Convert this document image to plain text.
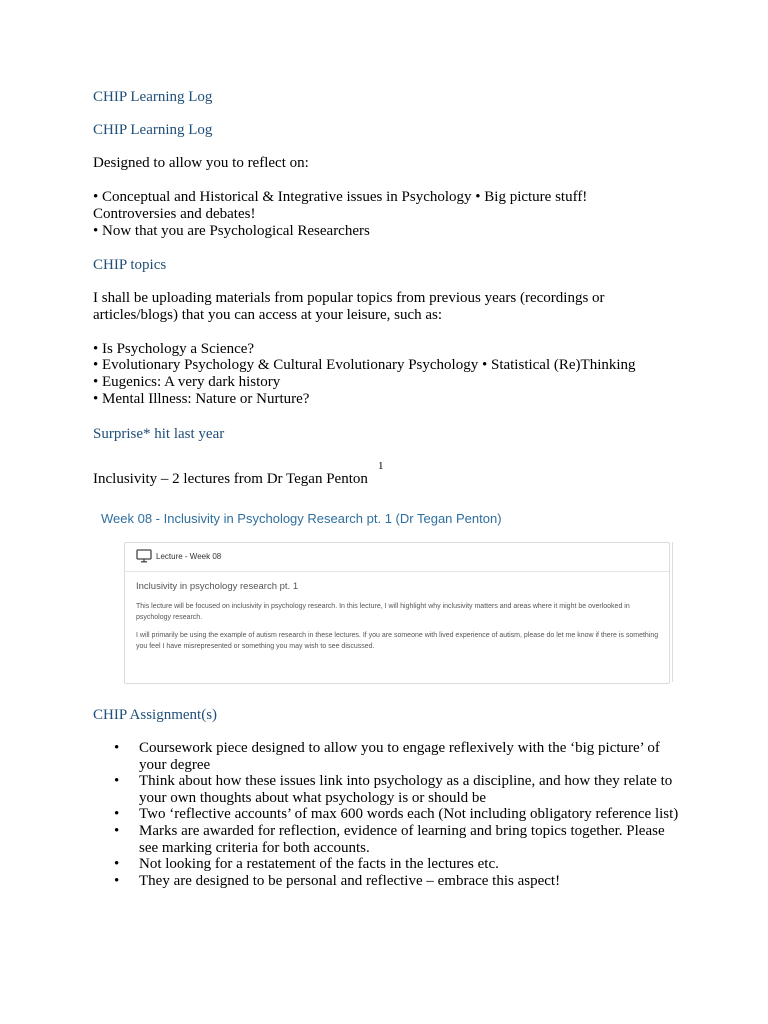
CHIP Learning Log
CHIP Learning Log
Designed to allow you to reflect on:
• Conceptual and Historical & Integrative issues in Psychology • Big picture stuff!
Controversies and debates!
• Now that you are Psychological Researchers
CHIP topics
I shall be uploading materials from popular topics from previous years (recordings or
articles/blogs) that you can access at your leisure, such as:
• Is Psychology a Science?
• Evolutionary Psychology & Cultural Evolutionary Psychology • Statistical (Re)Thinking
• Eugenics: A very dark history
• Mental Illness: Nature or Nurture?
Surprise* hit last year
1
Inclusivity – 2 lectures from Dr Tegan Penton
Week 08 - Inclusivity in Psychology Research pt. 1 (Dr Tegan Penton)
Lecture - Week 08
Inclusivity in psychology research pt. 1
This lecture will be focused on inclusivity in psychology research. In this lecture, I will highlight why inclusivity matters and areas where it might be overlooked in psychology research.
I will primarily be using the example of autism research in these lectures. If you are someone with lived experience of autism, please do let me know if there is something you feel I have misrepresented or something you may wish to see discussed.
CHIP Assignment(s)
• Coursework piece designed to allow you to engage reflexively with the ‘big picture’ of your degree
• Think about how these issues link into psychology as a discipline, and how they relate to your own thoughts about what psychology is or should be
• Two ‘reflective accounts’ of max 600 words each (Not including obligatory reference list)
• Marks are awarded for reflection, evidence of learning and bring topics together. Please see marking criteria for both accounts.
• Not looking for a restatement of the facts in the lectures etc.
• They are designed to be personal and reflective – embrace this aspect!
